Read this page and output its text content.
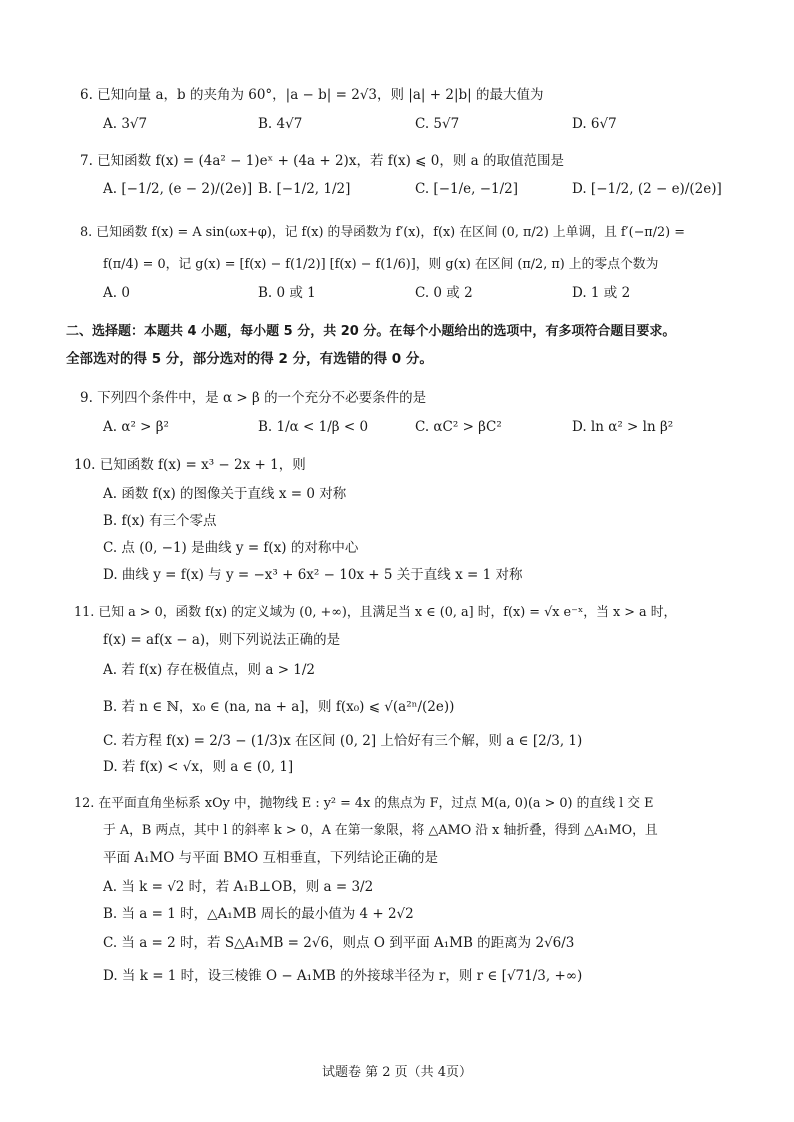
6. 已知向量 a，b 的夹角为 60°，|a − b| = 2√3，则 |a| + 2|b| 的最大值为
A. 3√7	B. 4√7	C. 5√7	D. 6√7
7. 已知函数 f(x) = (4a² − 1)eˣ + (4a + 2)x，若 f(x) ⩽ 0，则 a 的取值范围是
A. [−1/2, (e − 2)/(2e)] B. [−1/2, 1/2]	C. [−1/e, −1/2]	D. [−1/2, (2 − e)/(2e)]
8. 已知函数 f(x) = A sin(ωx+φ)，记 f(x) 的导函数为 f′(x)，f(x) 在区间 (0, π/2) 上单调，且 f′(−π/2) =
f(π/4) = 0，记 g(x) = [f(x) − f(1/2)] [f(x) − f(1/6)]，则 g(x) 在区间 (π/2, π) 上的零点个数为
A. 0	B. 0 或 1	C. 0 或 2	D. 1 或 2
二、选择题：本题共 4 小题，每小题 5 分，共 20 分。在每个小题给出的选项中，有多项符合题目要求。
全部选对的得 5 分，部分选对的得 2 分，有选错的得 0 分。
9. 下列四个条件中，是 α > β 的一个充分不必要条件的是
A. α² > β²	B. 1/α < 1/β < 0	C. αC² > βC²	D. ln α² > ln β²
10. 已知函数 f(x) = x³ − 2x + 1，则
A. 函数 f(x) 的图像关于直线 x = 0 对称
B. f(x) 有三个零点
C. 点 (0, −1) 是曲线 y = f(x) 的对称中心
D. 曲线 y = f(x) 与 y = −x³ + 6x² − 10x + 5 关于直线 x = 1 对称
11. 已知 a > 0，函数 f(x) 的定义域为 (0, +∞)，且满足当 x ∈ (0, a] 时，f(x) = √x e⁻ˣ，当 x > a 时，
f(x) = af(x − a)，则下列说法正确的是
A. 若 f(x) 存在极值点，则 a > 1/2
B. 若 n ∈ ℕ，x₀ ∈ (na, na + a]，则 f(x₀) ⩽ √(a²ⁿ/(2e))
C. 若方程 f(x) = 2/3 − (1/3)x 在区间 (0, 2] 上恰好有三个解，则 a ∈ [2/3, 1)
D. 若 f(x) < √x，则 a ∈ (0, 1]
12. 在平面直角坐标系 xOy 中，抛物线 E : y² = 4x 的焦点为 F，过点 M(a, 0)(a > 0) 的直线 l 交 E
于 A，B 两点，其中 l 的斜率 k > 0，A 在第一象限，将 △AMO 沿 x 轴折叠，得到 △A₁MO，且
平面 A₁MO 与平面 BMO 互相垂直，下列结论正确的是
A. 当 k = √2 时，若 A₁B⊥OB，则 a = 3/2
B. 当 a = 1 时，△A₁MB 周长的最小值为 4 + 2√2
C. 当 a = 2 时，若 S△A₁MB = 2√6，则点 O 到平面 A₁MB 的距离为 2√6/3
D. 当 k = 1 时，设三棱锥 O − A₁MB 的外接球半径为 r，则 r ∈ [√71/3, +∞)
试题卷 第 2 页（共 4页）
